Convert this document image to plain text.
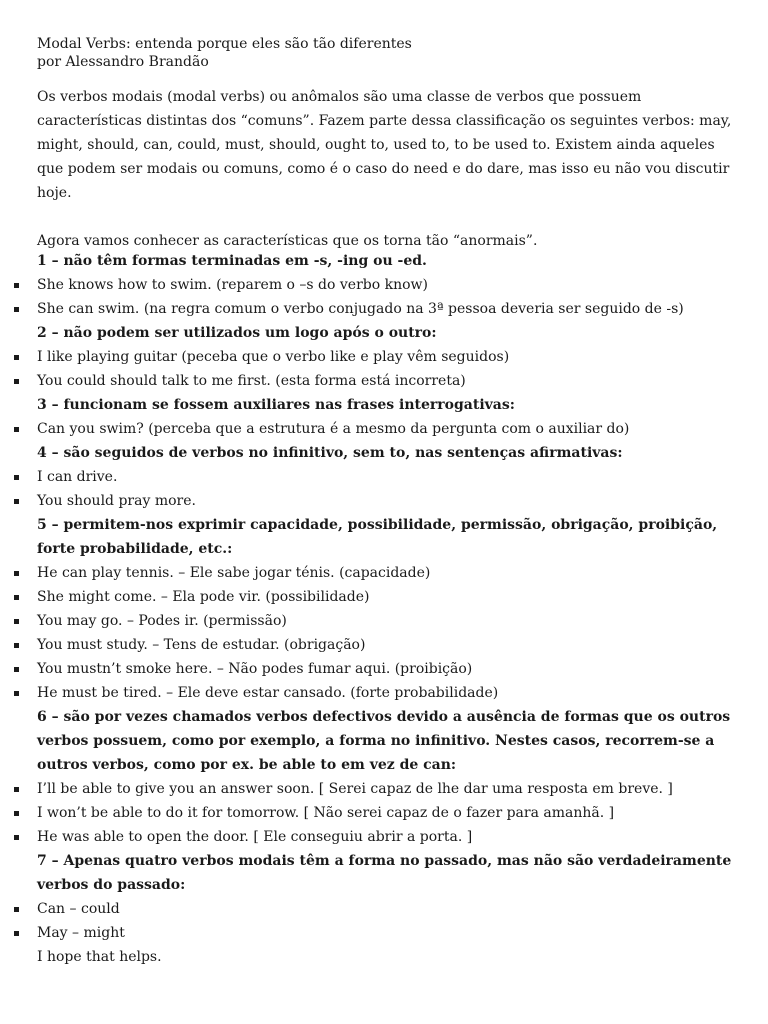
Modal Verbs: entenda porque eles são tão diferentes
por Alessandro Brandão

Os verbos modais (modal verbs) ou anômalos são uma classe de verbos que possuem características distintas dos “comuns”. Fazem parte dessa classificação os seguintes verbos: may, might, should, can, could, must, should, ought to, used to, to be used to. Existem ainda aqueles que podem ser modais ou comuns, como é o caso do need e do dare, mas isso eu não vou discutir hoje.

Agora vamos conhecer as características que os torna tão “anormais”.

1 – não têm formas terminadas em -s, -ing ou -ed.
She knows how to swim. (reparem o –s do verbo know)
She can swim. (na regra comum o verbo conjugado na 3ª pessoa deveria ser seguido de -s)
2 – não podem ser utilizados um logo após o outro:
I like playing guitar (peceba que o verbo like e play vêm seguidos)
You could should talk to me first. (esta forma está incorreta)
3 – funcionam se fossem auxiliares nas frases interrogativas:
Can you swim? (perceba que a estrutura é a mesmo da pergunta com o auxiliar do)
4 – são seguidos de verbos no infinitivo, sem to, nas sentenças afirmativas:
I can drive.
You should pray more.
5 – permitem-nos exprimir capacidade, possibilidade, permissão, obrigação, proibição, forte probabilidade, etc.:
He can play tennis. – Ele sabe jogar ténis. (capacidade)
She might come. – Ela pode vir. (possibilidade)
You may go. – Podes ir. (permissão)
You must study. – Tens de estudar. (obrigação)
You mustn’t smoke here. – Não podes fumar aqui. (proibição)
He must be tired. – Ele deve estar cansado. (forte probabilidade)
6 – são por vezes chamados verbos defectivos devido a ausência de formas que os outros verbos possuem, como por exemplo, a forma no infinitivo. Nestes casos, recorrem-se a outros verbos, como por ex. be able to em vez de can:
I’ll be able to give you an answer soon. [ Serei capaz de lhe dar uma resposta em breve. ]
I won’t be able to do it for tomorrow. [ Não serei capaz de o fazer para amanhã. ]
He was able to open the door. [ Ele conseguiu abrir a porta. ]
7 – Apenas quatro verbos modais têm a forma no passado, mas não são verdadeiramente verbos do passado:
Can – could
May – might
I hope that helps.
